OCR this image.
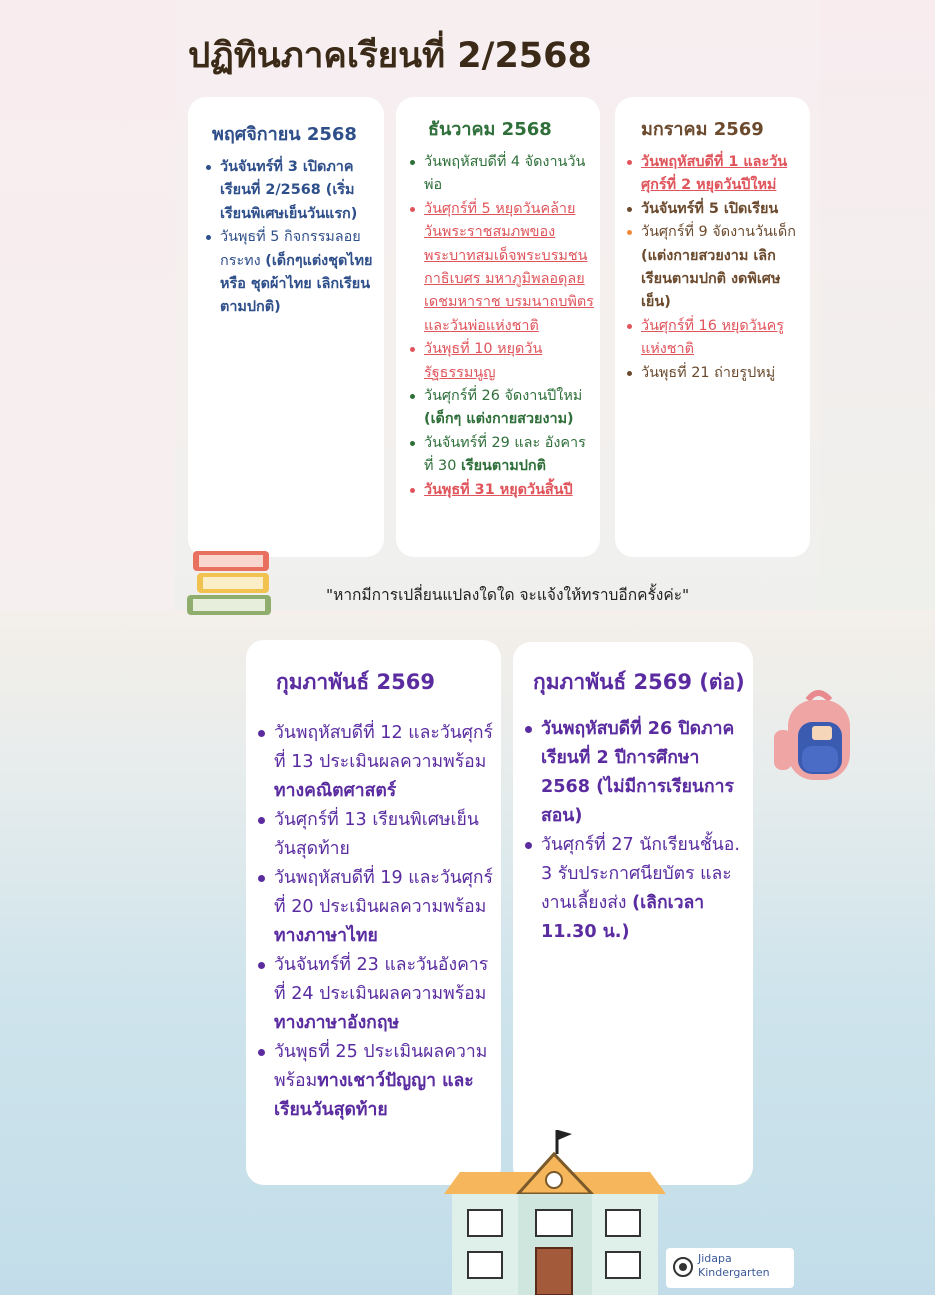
ปฏิทินภาคเรียนที่ 2/2568
พฤศจิกายน 2568
วันจันทร์ที่ 3 เปิดภาคเรียนที่ 2/2568 (เริ่มเรียนพิเศษเย็นวันแรก)
วันพุธที่ 5 กิจกรรมลอยกระทง (เด็กๆแต่งชุดไทย หรือ ชุดผ้าไทย เลิกเรียนตามปกติ)
ธันวาคม 2568
วันพฤหัสบดีที่ 4 จัดงานวันพ่อ
วันศุกร์ที่ 5 หยุดวันคล้ายวันพระราชสมภพของพระบาทสมเด็จพระบรมชนกาธิเบศร มหาภูมิพลอดุลยเดชมหาราช บรมนาถบพิตร และวันพ่อแห่งชาติ
วันพุธที่ 10 หยุดวันรัฐธรรมนูญ
วันศุกร์ที่ 26 จัดงานปีใหม่ (เด็กๆ แต่งกายสวยงาม)
วันจันทร์ที่ 29 และ อังคารที่ 30 เรียนตามปกติ
วันพุธที่ 31 หยุดวันสิ้นปี
มกราคม 2569
วันพฤหัสบดีที่ 1 และวันศุกร์ที่ 2 หยุดวันปีใหม่
วันจันทร์ที่ 5 เปิดเรียน
วันศุกร์ที่ 9 จัดงานวันเด็ก (แต่งกายสวยงาม เลิกเรียนตามปกติ งดพิเศษเย็น)
วันศุกร์ที่ 16 หยุดวันครูแห่งชาติ
วันพุธที่ 21 ถ่ายรูปหมู่
"หากมีการเปลี่ยนแปลงใดใด จะแจ้งให้ทราบอีกครั้งค่ะ"
กุมภาพันธ์ 2569
วันพฤหัสบดีที่ 12 และวันศุกร์ที่ 13 ประเมินผลความพร้อมทางคณิตศาสตร์
วันศุกร์ที่ 13 เรียนพิเศษเย็นวันสุดท้าย
วันพฤหัสบดีที่ 19 และวันศุกร์ที่ 20 ประเมินผลความพร้อมทางภาษาไทย
วันจันทร์ที่ 23 และวันอังคารที่ 24 ประเมินผลความพร้อมทางภาษาอังกฤษ
วันพุธที่ 25 ประเมินผลความพร้อมทางเชาว์ปัญญา และเรียนวันสุดท้าย
กุมภาพันธ์ 2569 (ต่อ)
วันพฤหัสบดีที่ 26 ปิดภาคเรียนที่ 2 ปีการศึกษา 2568 (ไม่มีการเรียนการสอน)
วันศุกร์ที่ 27 นักเรียนชั้นอ. 3 รับประกาศนียบัตร และ งานเลี้ยงส่ง (เลิกเวลา 11.30 น.)
Jidapa
Kindergarten
